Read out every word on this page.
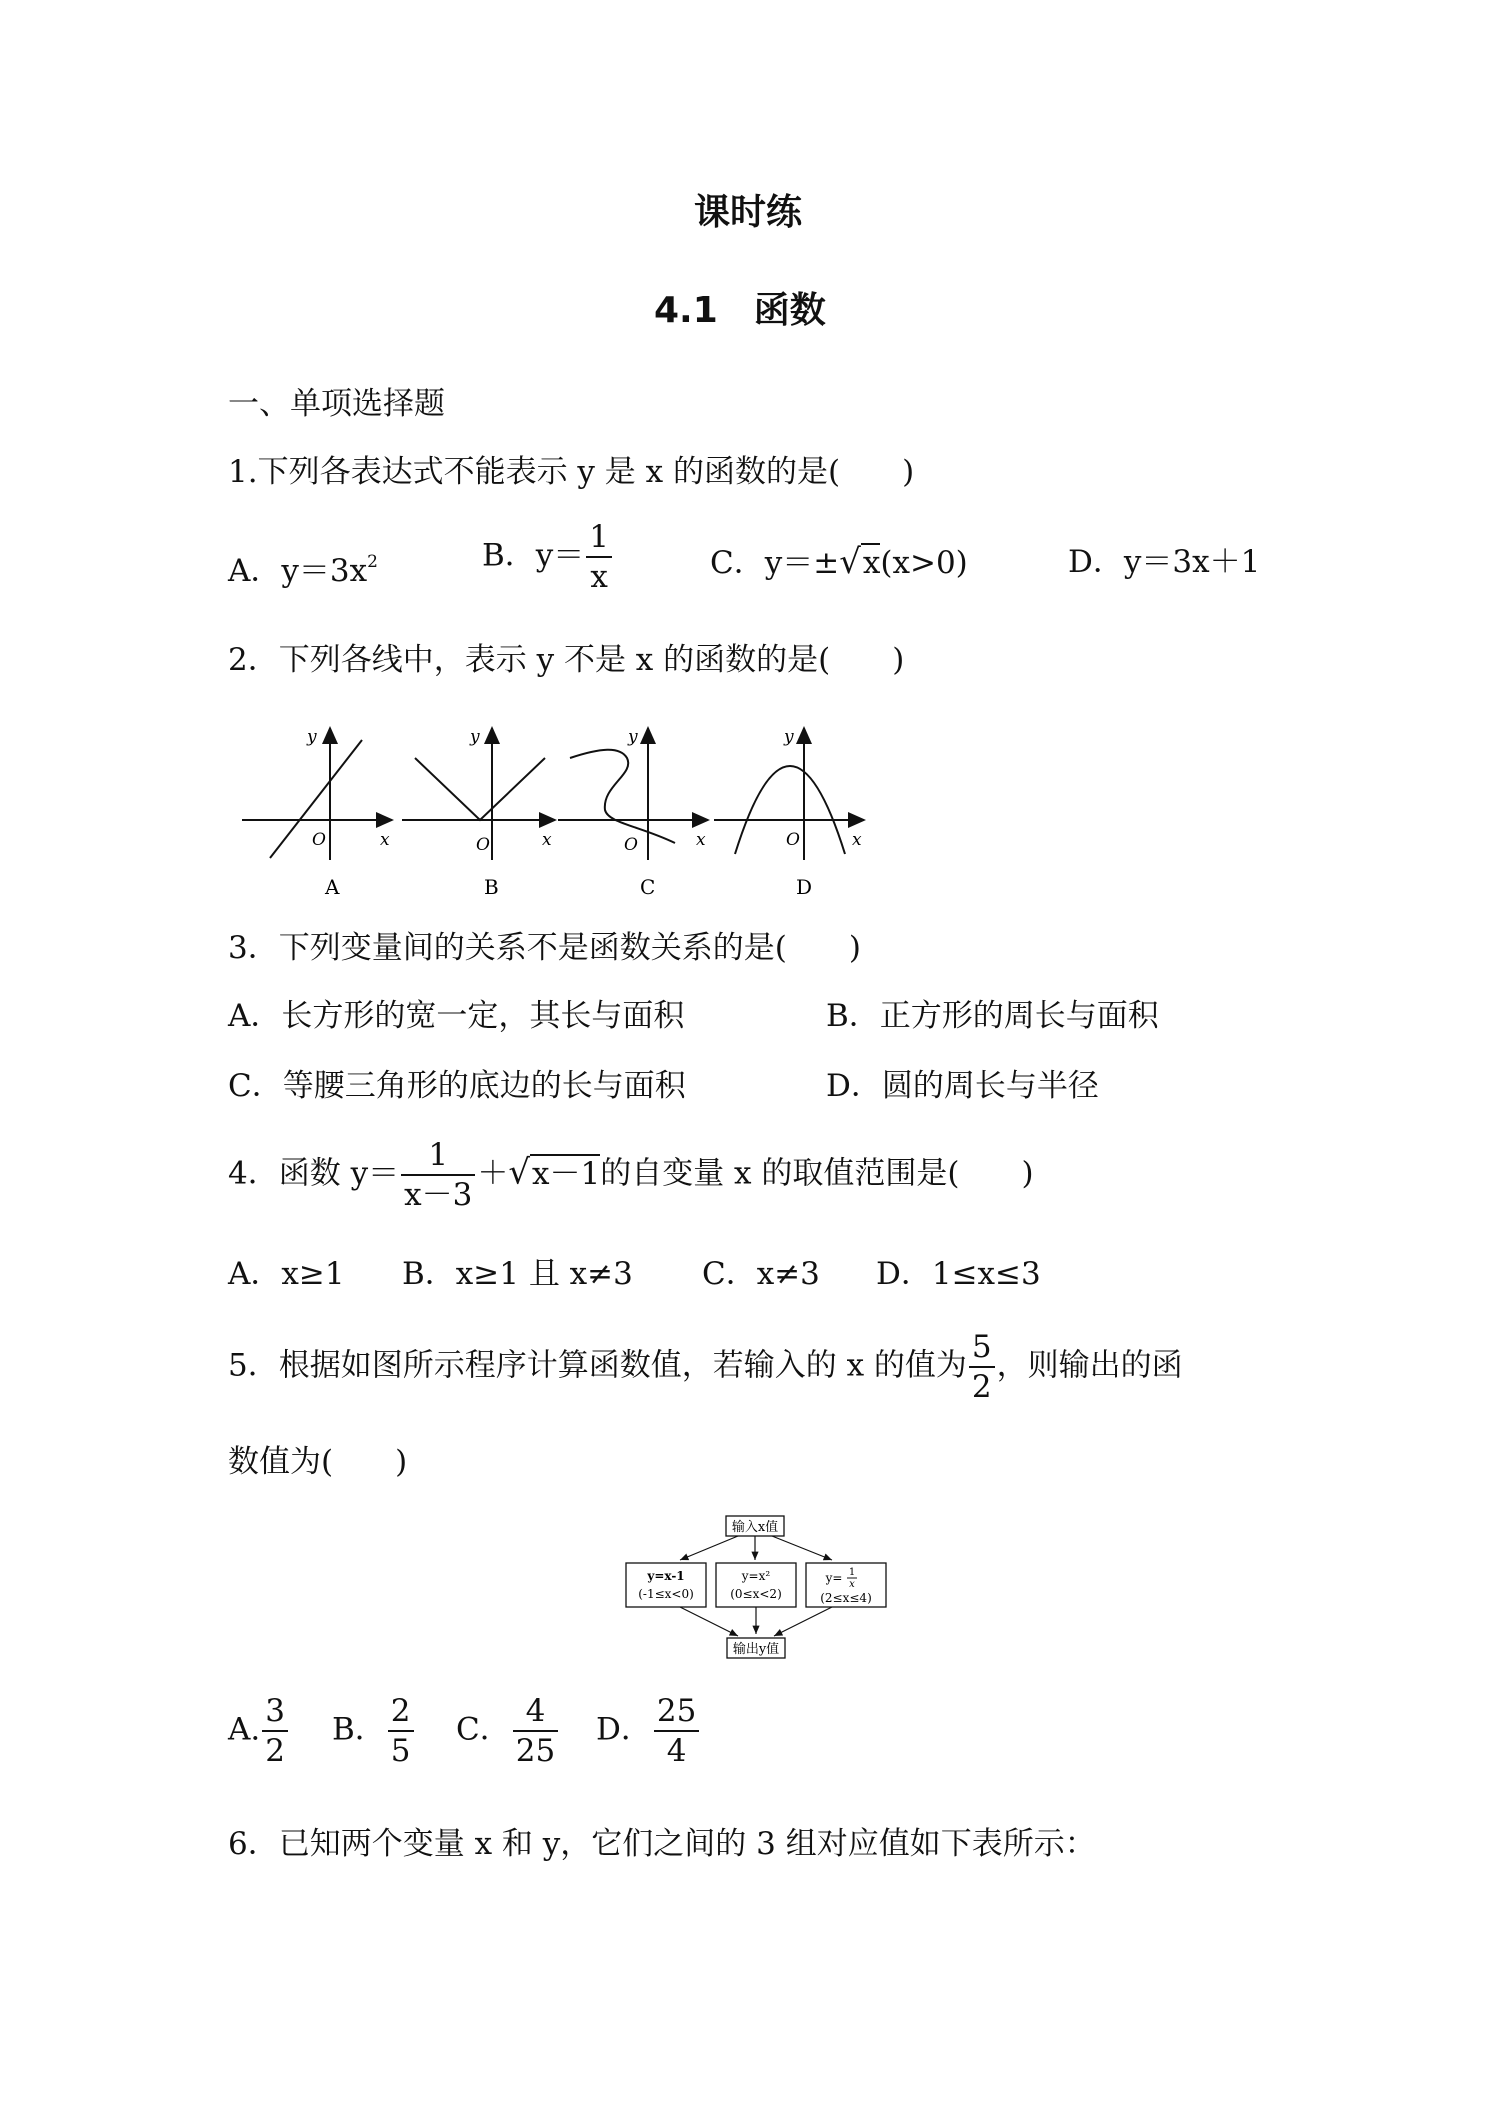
课时练
4.1　函数
一、单项选择题
1.下列各表达式不能表示 y 是 x 的函数的是(　　)
A．$y=3x^2$	B．$y= \frac{1}{x}$	C．y＝±√x(x>0)	D．y＝3x＋1
2．下列各线中，表示 y 不是 x 的函数的是(　　)
y
x
O
A
y
x
O
B
y
x
O
C
y
x
O
D
3．下列变量间的关系不是函数关系的是(　　)
A．长方形的宽一定，其长与面积	B．正方形的周长与面积
C．等腰三角形的底边的长与面积	D．圆的周长与半径
4．函数 $y= \frac{1}{x-3} +√x-1$的自变量 x 的取值范围是(　　)
A．x≥1 B．x≥1 且 x≠3 C．x≠3 D．1≤x≤3
5．根据如图所示程序计算函数值，若输入的 x 的值为 $\frac{5}{2}$ ，则输出的函
数值为(　　)
输入x值
y=x-1
(-1≤x<0)
y=x²
(0≤x<2)
y= 1
x
(2≤x≤4)
输出y值
A. $\frac{3}{2}$ B． $\frac{2}{5}$ C． $\frac{4}{25}$ D． $\frac{25}{4}$
6．已知两个变量 x 和 y，它们之间的 3 组对应值如下表所示：
